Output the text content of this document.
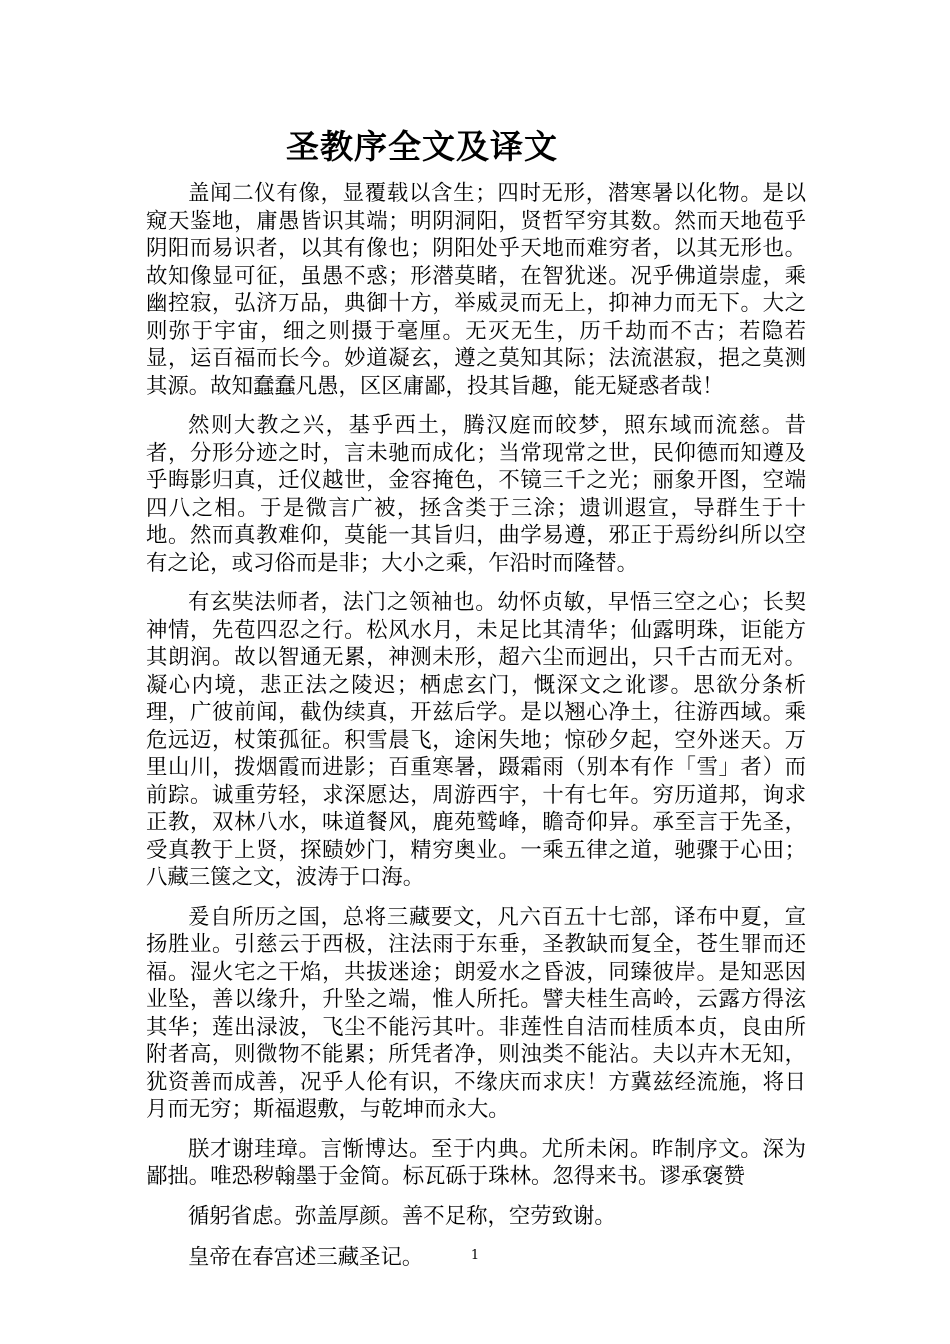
圣教序全文及译文

盖闻二仪有像，显覆载以含生；四时无形，潜寒暑以化物。是以窥天鉴地，庸愚皆识其端；明阴洞阳，贤哲罕穷其数。然而天地苞乎阴阳而易识者，以其有像也；阴阳处乎天地而难穷者，以其无形也。故知像显可征，虽愚不惑；形潜莫睹，在智犹迷。况乎佛道崇虚，乘幽控寂，弘济万品，典御十方，举威灵而无上，抑神力而无下。大之则弥于宇宙，细之则摄于毫厘。无灭无生，历千劫而不古；若隐若显，运百福而长今。妙道凝玄，遵之莫知其际；法流湛寂，挹之莫测其源。故知蠢蠢凡愚，区区庸鄙，投其旨趣，能无疑惑者哉！

然则大教之兴，基乎西土，腾汉庭而皎梦，照东域而流慈。昔者，分形分迹之时，言未驰而成化；当常现常之世，民仰德而知遵及乎晦影归真，迁仪越世，金容掩色，不镜三千之光；丽象开图，空端四八之相。于是微言广被，拯含类于三涂；遗训遐宣，导群生于十地。然而真教难仰，莫能一其旨归，曲学易遵，邪正于焉纷纠所以空有之论，或习俗而是非；大小之乘，乍沿时而隆替。

有玄奘法师者，法门之领袖也。幼怀贞敏，早悟三空之心；长契神情，先苞四忍之行。松风水月，未足比其清华；仙露明珠，讵能方其朗润。故以智通无累，神测未形，超六尘而迥出，只千古而无对。凝心内境，悲正法之陵迟；栖虑玄门，慨深文之讹谬。思欲分条析理，广彼前闻，截伪续真，开兹后学。是以翘心净土，往游西域。乘危远迈，杖策孤征。积雪晨飞，途闲失地；惊砂夕起，空外迷天。万里山川，拨烟霞而进影；百重寒暑，蹑霜雨（别本有作「雪」者）而前踪。诚重劳轻，求深愿达，周游西宇，十有七年。穷历道邦，询求正教，双林八水，味道餐风，鹿苑鹫峰，瞻奇仰异。承至言于先圣，受真教于上贤，探赜妙门，精穷奥业。一乘五律之道，驰骤于心田；八藏三箧之文，波涛于口海。

爰自所历之国，总将三藏要文，凡六百五十七部，译布中夏，宣扬胜业。引慈云于西极，注法雨于东垂，圣教缺而复全，苍生罪而还福。湿火宅之干焰，共拔迷途；朗爱水之昏波，同臻彼岸。是知恶因业坠，善以缘升，升坠之端，惟人所托。譬夫桂生高岭，云露方得泫其华；莲出渌波，飞尘不能污其叶。非莲性自洁而桂质本贞，良由所附者高，则微物不能累；所凭者净，则浊类不能沾。夫以卉木无知，犹资善而成善，况乎人伦有识，不缘庆而求庆！方冀兹经流施，将日月而无穷；斯福遐敷，与乾坤而永大。

朕才谢珪璋。言惭博达。至于内典。尤所未闲。昨制序文。深为鄙拙。唯恐秽翰墨于金简。标瓦砾于珠林。忽得来书。谬承褒赞

循躬省虑。弥盖厚颜。善不足称，空劳致谢。

皇帝在春宫述三藏圣记。	1
